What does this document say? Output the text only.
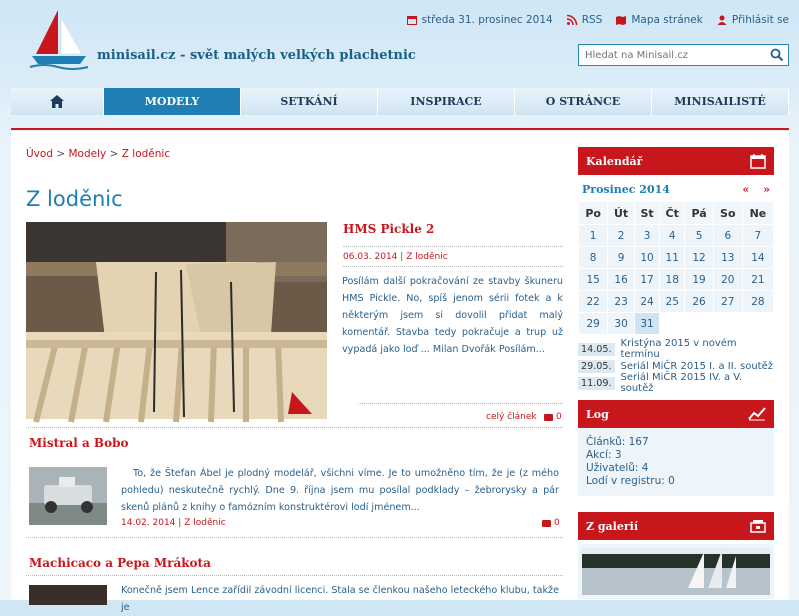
minisail.cz - svět malých velkých plachetnic
středa 31. prosinec 2014	RSS	Mapa stránek	Přihlásit se
Hledat na Minisail.cz
MODELY	SETKÁNÍ	INSPIRACE	O STRÁNCE	MINISAILISTÉ
Úvod > Modely > Z loděnic
Z loděnic
HMS Pickle 2
06.03. 2014 | Z loděnic
Posílám další pokračování ze stavby škuneru HMS Pickle. No, spíš jenom sérii fotek a k některým jsem si dovolil přidat malý komentář. Stavba tedy pokračuje a trup už vypadá jako loď ... Milan Dvořák Posílám...
celý článek 0
Mistral a Bobo
To, že Štefan Ábel je plodný modelář, všichni víme. Je to umožněno tím, že je (z mého pohledu) neskutečně rychlý. Dne 9. října jsem mu posílal podklady – žebrorysky a pár skenů plánů z knihy o famózním konstruktérovi lodí jménem...
14.02. 2014 | Z loděnic	0
Machicaco a Pepa Mrákota
Konečně jsem Lence zařídil závodní licenci. Stala se členkou našeho leteckého klubu, takže je
Kalendář
Prosinec 2014	« »
Po	Út	St	Čt	Pá	So	Ne
1	2	3	4	5	6	7
8	9	10	11	12	13	14
15	16	17	18	19	20	21
22	23	24	25	26	27	28
29	30	31				
14.05. Kristýna 2015 v novém termínu
29.05. Seriál MiČR 2015 I. a II. soutěž
11.09. Seriál MiČR 2015 IV. a V. soutěž
Log
Článků: 167
Akcí: 3
Uživatelů: 4
Lodí v registru: 0
Z galerií
